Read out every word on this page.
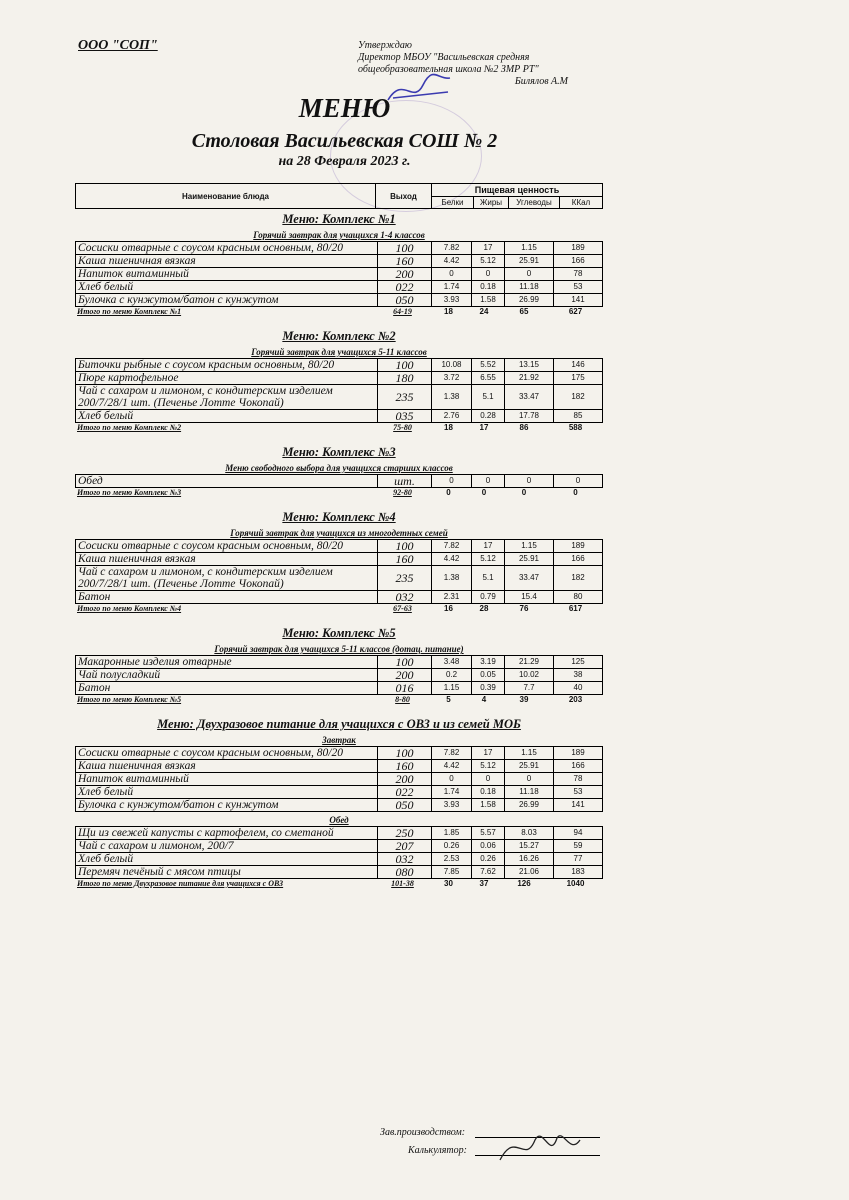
ООО "СОП"	Утверждаю
Директор МБОУ "Васильевская средняя
общеобразовательная школа №2 ЗМР РТ"

Билялов А.М
МЕНЮ
Столовая Васильевская СОШ № 2
на 28 Февраля 2023 г.
Наименование блюда	Выход	Пищевая ценность			
		Белки	Жиры	Углеводы	ККал
Меню: Комплекс №1
Горячий завтрак для учащихся 1-4 классов
Сосиски отварные с соусом красным основным, 80/20	100	7.82	17	1.15	189
Каша пшеничная вязкая	160	4.42	5.12	25.91	166
Напиток витаминный	200	0	0	0	78
Хлеб белый	022	1.74	0.18	11.18	53
Булочка с кунжутом/батон с кунжутом	050	3.93	1.58	26.99	141
Итого по меню Комплекс №1	64-19	18	24	65	627
Меню: Комплекс №2
Горячий завтрак для учащихся 5-11 классов
Биточки рыбные с соусом красным основным, 80/20	100	10.08	5.52	13.15	146
Пюре картофельное	180	3.72	6.55	21.92	175
Чай с сахаром и лимоном, с кондитерским изделием 200/7/28/1 шт. (Печенье Лотте Чокопай)	235	1.38	5.1	33.47	182
Хлеб белый	035	2.76	0.28	17.78	85
Итого по меню Комплекс №2	75-80	18	17	86	588
Меню: Комплекс №3
Меню свободного выбора для учащихся старших классов
Обед	шт.	0	0	0	0
Итого по меню Комплекс №3	92-80	0	0	0	0
Меню: Комплекс №4
Горячий завтрак для учащихся из многодетных семей
Сосиски отварные с соусом красным основным, 80/20	100	7.82	17	1.15	189
Каша пшеничная вязкая	160	4.42	5.12	25.91	166
Чай с сахаром и лимоном, с кондитерским изделием 200/7/28/1 шт. (Печенье Лотте Чокопай)	235	1.38	5.1	33.47	182
Батон	032	2.31	0.79	15.4	80
Итого по меню Комплекс №4	67-63	16	28	76	617
Меню: Комплекс №5
Горячий завтрак для учащихся 5-11 классов (дотац. питание)
Макаронные изделия отварные	100	3.48	3.19	21.29	125
Чай полусладкий	200	0.2	0.05	10.02	38
Батон	016	1.15	0.39	7.7	40
Итого по меню Комплекс №5	8-80	5	4	39	203
Меню: Двухразовое питание для учащихся с ОВЗ и из семей МОБ
Завтрак
Сосиски отварные с соусом красным основным, 80/20	100	7.82	17	1.15	189
Каша пшеничная вязкая	160	4.42	5.12	25.91	166
Напиток витаминный	200	0	0	0	78
Хлеб белый	022	1.74	0.18	11.18	53
Булочка с кунжутом/батон с кунжутом	050	3.93	1.58	26.99	141
Обед
Щи из свежей капусты с картофелем, со сметаной	250	1.85	5.57	8.03	94
Чай с сахаром и лимоном, 200/7	207	0.26	0.06	15.27	59
Хлеб белый	032	2.53	0.26	16.26	77
Перемяч печёный с мясом птицы	080	7.85	7.62	21.06	183
Итого по меню Двухразовое питание для учащихся с ОВЗ	101-38	30	37	126	1040
Зав.производством:
Калькулятор:
